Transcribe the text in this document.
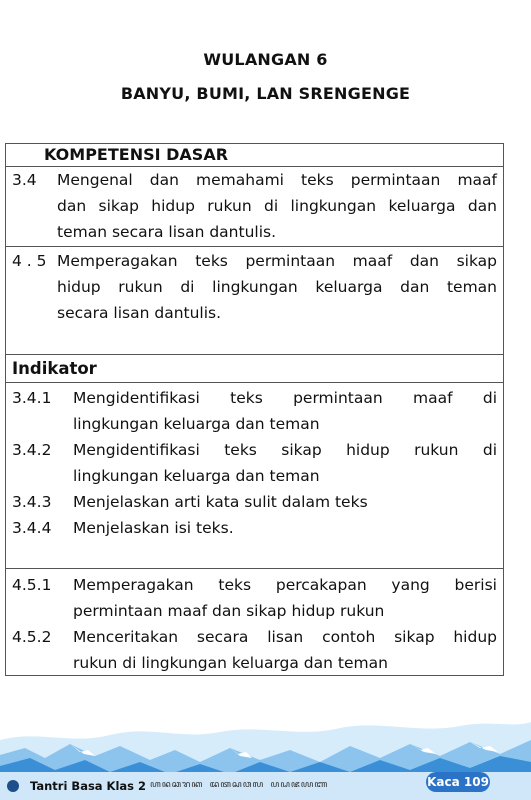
WULANGAN 6
BANYU, BUMI, LAN SRENGENGE
KOMPETENSI DASAR
3.4 Mengenal dan memahami teks permintaan maaf
dan sikap hidup rukun di lingkungan keluarga dan
teman secara lisan dantulis.
4 . 5 Memperagakan teks permintaan maaf dan sikap
hidup rukun di lingkungan keluarga dan teman
secara lisan dantulis.
Indikator
3.4.1 Mengidentifikasi teks permintaan maaf di
lingkungan keluarga dan teman
3.4.2 Mengidentifikasi teks sikap hidup rukun di
lingkungan keluarga dan teman
3.4.3 Menjelaskan arti kata sulit dalam teks
3.4.4 Menjelaskan isi teks.
4.5.1 Memperagakan teks percakapan yang berisi
permintaan maaf dan sikap hidup rukun
4.5.2 Menceritakan secara lisan contoh sikap hidup
rukun di lingkungan keluarga dan teman
Tantri Basa Klas 2 ꦲꦤꦕꦫꦏ ꦢꦠꦱꦮꦭ ꦥꦝꦗꦪꦚ	Kaca 109
